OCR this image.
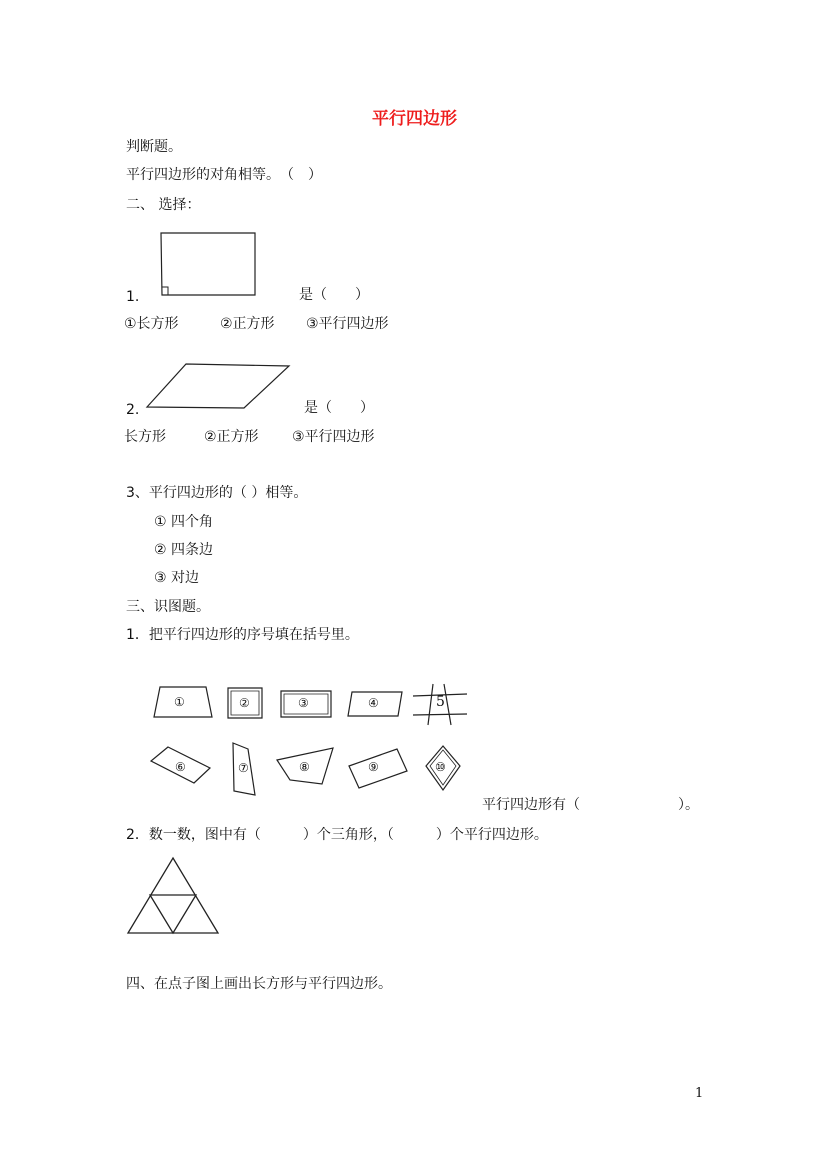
平行四边形
判断题。
平行四边形的对角相等。　（　）
二、 选择：
1.	是（　　）
①长方形	②正方形 ③平行四边形
2.	是（　　）
长方形	②正方形 ③平行四边形
3、平行四边形的（ ）相等。
① 四个角
② 四条边
③ 对边
三、识图题。
1．把平行四边形的序号填在括号里。
①	②	③	④	5
⑥	⑦	⑧	⑨	⑩
平行四边形有（　　　　　　　）。
2．数一数，图中有（　　　）个三角形，（　　　）个平行四边形。
四、在点子图上画出长方形与平行四边形。
1
